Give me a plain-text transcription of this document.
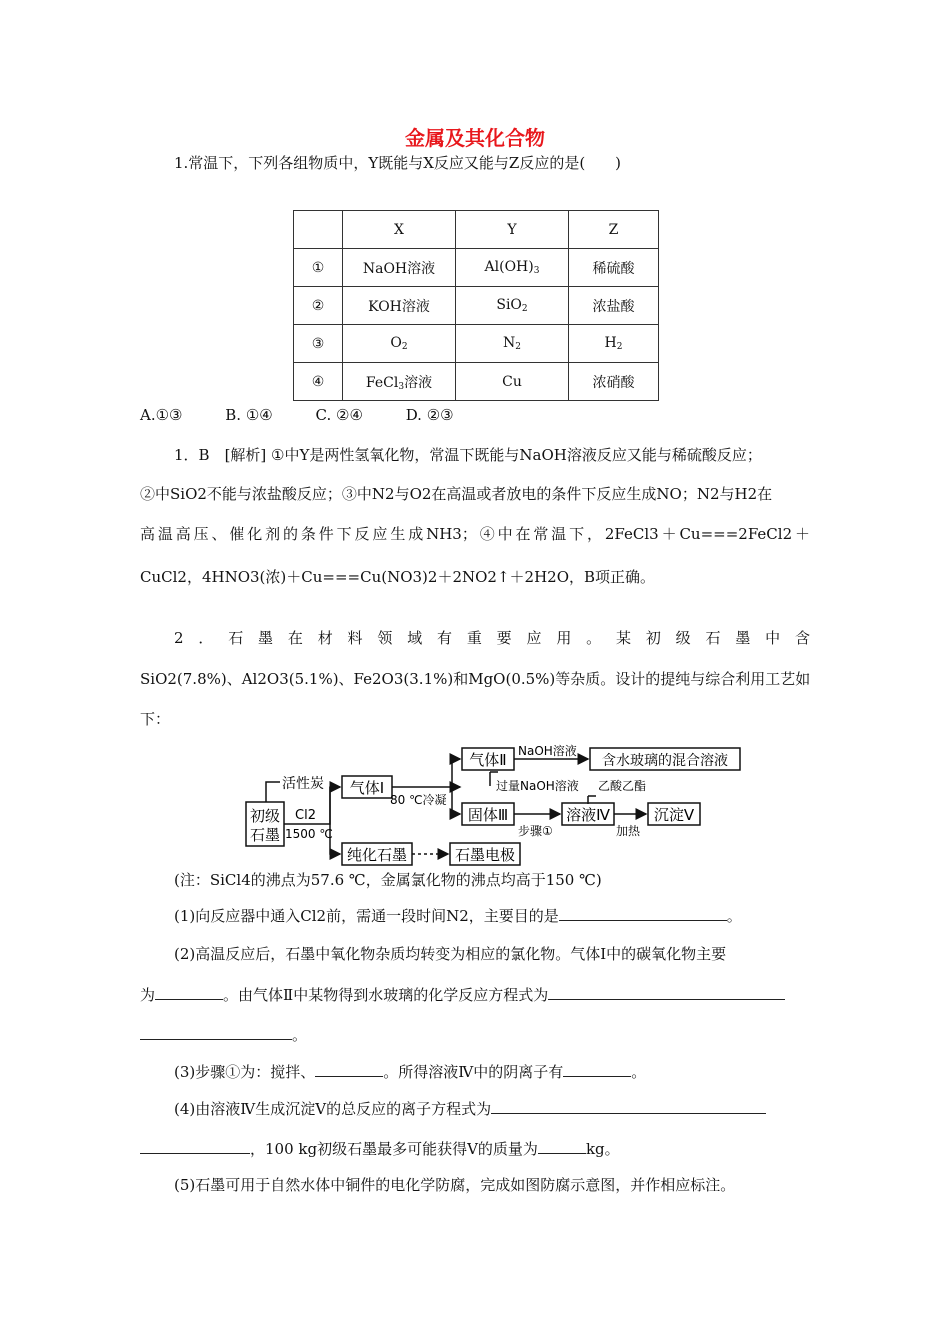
金属及其化合物
1.常温下，下列各组物质中，Y既能与X反应又能与Z反应的是(　　)
	X	Y	Z
①	NaOH溶液	$Al(OH)_3$	稀硫酸
②	KOH溶液	SiO$_2$	浓盐酸
③	$O_2$	$N_2$	$H_2$
④	FeCl$_3$溶液	Cu	浓硝酸
A.①③	B. ①④	C. ②④	D. ②③
1．B　[解析] ①中Y是两性氢氧化物，常温下既能与NaOH溶液反应又能与稀硫酸反应；
②中SiO2不能与浓盐酸反应；③中N2与O2在高温或者放电的条件下反应生成NO；N2与H2在
高温高压、催化剂的条件下反应生成NH3；④中在常温下，2FeCl3＋Cu===2FeCl2＋
CuCl2，4HNO3(浓)＋Cu===Cu(NO3)2＋2NO2↑＋2H2O，B项正确。
2．石墨在材料领域有重要应用。某初级石墨中含
SiO2(7.8%)、Al2O3(5.1%)、Fe2O3(3.1%)和MgO(0.5%)等杂质。设计的提纯与综合利用工艺如
下：
初级
石墨
活性炭
Cl2
1500 ℃
气体Ⅰ
80 ℃冷凝
气体Ⅱ NaOH溶液
含水玻璃的混合溶液
过量NaOH溶液 乙酸乙酯
固体Ⅲ
步骤①
溶液Ⅳ
加热
沉淀Ⅴ
纯化石墨	石墨电极
(注：SiCl4的沸点为57.6 ℃，金属氯化物的沸点均高于150 ℃)
(1)向反应器中通入Cl2前，需通一段时间N2，主要目的是	。
(2)高温反应后，石墨中氧化物杂质均转变为相应的氯化物。气体Ⅰ中的碳氧化物主要
为	。由气体Ⅱ中某物得到水玻璃的化学反应方程式为
。
(3)步骤①为：搅拌、	。所得溶液Ⅳ中的阴离子有	。
(4)由溶液Ⅳ生成沉淀Ⅴ的总反应的离子方程式为
，100 kg初级石墨最多可能获得Ⅴ的质量为	kg。
(5)石墨可用于自然水体中铜件的电化学防腐，完成如图防腐示意图，并作相应标注。
